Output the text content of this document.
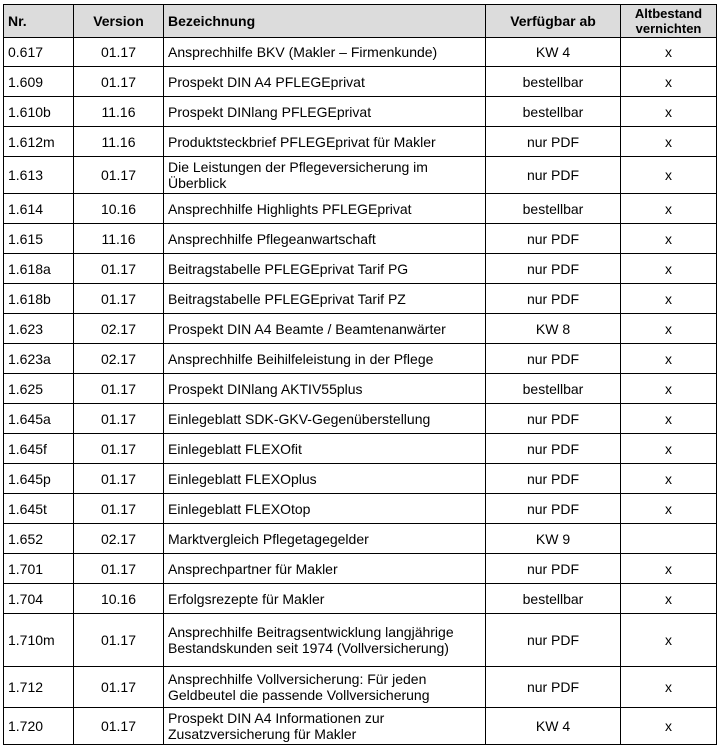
Nr.	Version	Bezeichnung	Verfügbar ab	Altbestand
vernichten

0.617	01.17	Ansprechhilfe BKV (Makler – Firmenkunde)	KW 4	x
1.609	01.17	Prospekt DIN A4 PFLEGEprivat	bestellbar	x
1.610b	11.16	Prospekt DINlang PFLEGEprivat	bestellbar	x
1.612m	11.16	Produktsteckbrief PFLEGEprivat für Makler	nur PDF	x
1.613	01.17	Die Leistungen der Pflegeversicherung im Überblick	nur PDF	x
1.614	10.16	Ansprechhilfe Highlights PFLEGEprivat	bestellbar	x
1.615	11.16	Ansprechhilfe Pflegeanwartschaft	nur PDF	x
1.618a	01.17	Beitragstabelle PFLEGEprivat Tarif PG	nur PDF	x
1.618b	01.17	Beitragstabelle PFLEGEprivat Tarif PZ	nur PDF	x
1.623	02.17	Prospekt DIN A4 Beamte / Beamtenanwärter	KW 8	x
1.623a	02.17	Ansprechhilfe Beihilfeleistung in der Pflege	nur PDF	x
1.625	01.17	Prospekt DINlang AKTIV55plus	bestellbar	x
1.645a	01.17	Einlegeblatt SDK-GKV-Gegenüberstellung	nur PDF	x
1.645f	01.17	Einlegeblatt FLEXOfit	nur PDF	x
1.645p	01.17	Einlegeblatt FLEXOplus	nur PDF	x
1.645t	01.17	Einlegeblatt FLEXOtop	nur PDF	x
1.652	02.17	Marktvergleich Pflegetagegelder	KW 9	
1.701	01.17	Ansprechpartner für Makler	nur PDF	x
1.704	10.16	Erfolgsrezepte für Makler	bestellbar	x
1.710m	01.17	Ansprechhilfe Beitragsentwicklung langjährige Bestandskunden seit 1974 (Vollversicherung)	nur PDF	x
1.712	01.17	Ansprechhilfe Vollversicherung: Für jeden Geldbeutel die passende Vollversicherung	nur PDF	x
1.720	01.17	Prospekt DIN A4 Informationen zur Zusatzversicherung für Makler	KW 4	x
